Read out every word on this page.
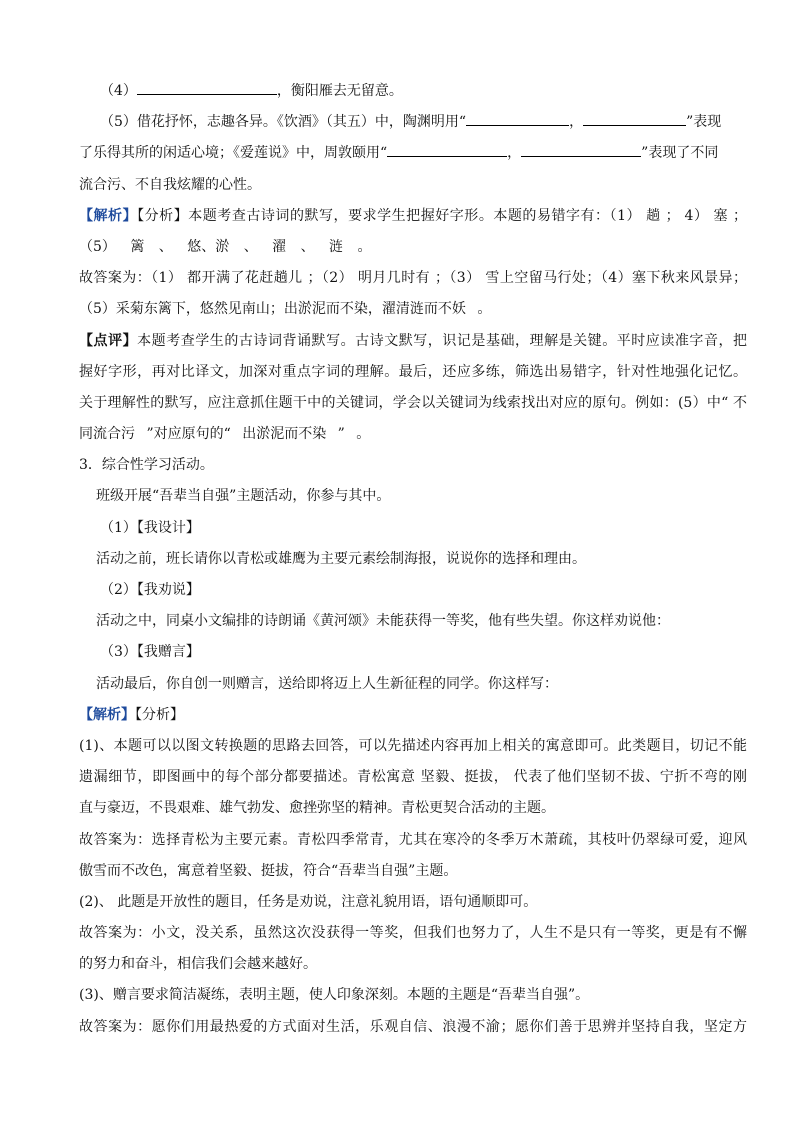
（4）	，衡阳雁去无留意。
（5）借花抒怀，志趣各异。《饮酒》（其五）中，陶渊明用“	，	”表现
了乐得其所的闲适心境；《爱莲说》中，周敦颐用“	，	”表现了不同
流合污、不自我炫耀的心性。
【解析】【分析】本题考查古诗词的默写，要求学生把握好字形。本题的易错字有：（1） 趟 ； 4） 塞 ；
（5） 篱 、 悠、淤 、 濯 、 涟 。
故答案为：（1） 都开满了花赶趟儿 ；（2） 明月几时有 ；（3） 雪上空留马行处；（4）塞下秋来风景异；
（5）采菊东篱下，悠然见南山；出淤泥而不染，濯清涟而不妖 。
【点评】本题考查学生的古诗词背诵默写。古诗文默写，识记是基础，理解是关键。平时应读准字音，把
握好字形，再对比译文，加深对重点字词的理解。最后，还应多练，筛选出易错字，针对性地强化记忆。
关于理解性的默写，应注意抓住题干中的关键词，学会以关键词为线索找出对应的原句。例如：(5）中“ 不
同流合污 ”对应原句的“ 出淤泥而不染 ” 。
3．综合性学习活动。
班级开展“吾辈当自强”主题活动，你参与其中。
（1）【我设计】
活动之前，班长请你以青松或雄鹰为主要元素绘制海报，说说你的选择和理由。
（2）【我劝说】
活动之中，同桌小文编排的诗朗诵《黄河颂》未能获得一等奖，他有些失望。你这样劝说他：
（3）【我赠言】
活动最后，你自创一则赠言，送给即将迈上人生新征程的同学。你这样写：
【解析】【分析】
(1)、本题可以以图文转换题的思路去回答，可以先描述内容再加上相关的寓意即可。此类题目，切记不能
遗漏细节，即图画中的每个部分都要描述。青松寓意 坚毅、挺拔， 代表了他们坚韧不拔、宁折不弯的刚
直与豪迈，不畏艰难、雄气勃发、愈挫弥坚的精神。青松更契合活动的主题。
故答案为：选择青松为主要元素。青松四季常青，尤其在寒冷的冬季万木萧疏，其枝叶仍翠绿可爱，迎风
傲雪而不改色，寓意着坚毅、挺拔，符合“吾辈当自强”主题。
(2)、 此题是开放性的题目，任务是劝说，注意礼貌用语，语句通顺即可。
故答案为：小文，没关系，虽然这次没获得一等奖，但我们也努力了，人生不是只有一等奖，更是有不懈
的努力和奋斗，相信我们会越来越好。
(3)、赠言要求简洁凝练，表明主题，使人印象深刻。本题的主题是“吾辈当自强”。
故答案为：愿你们用最热爱的方式面对生活，乐观自信、浪漫不渝；愿你们善于思辨并坚持自我，坚定方
